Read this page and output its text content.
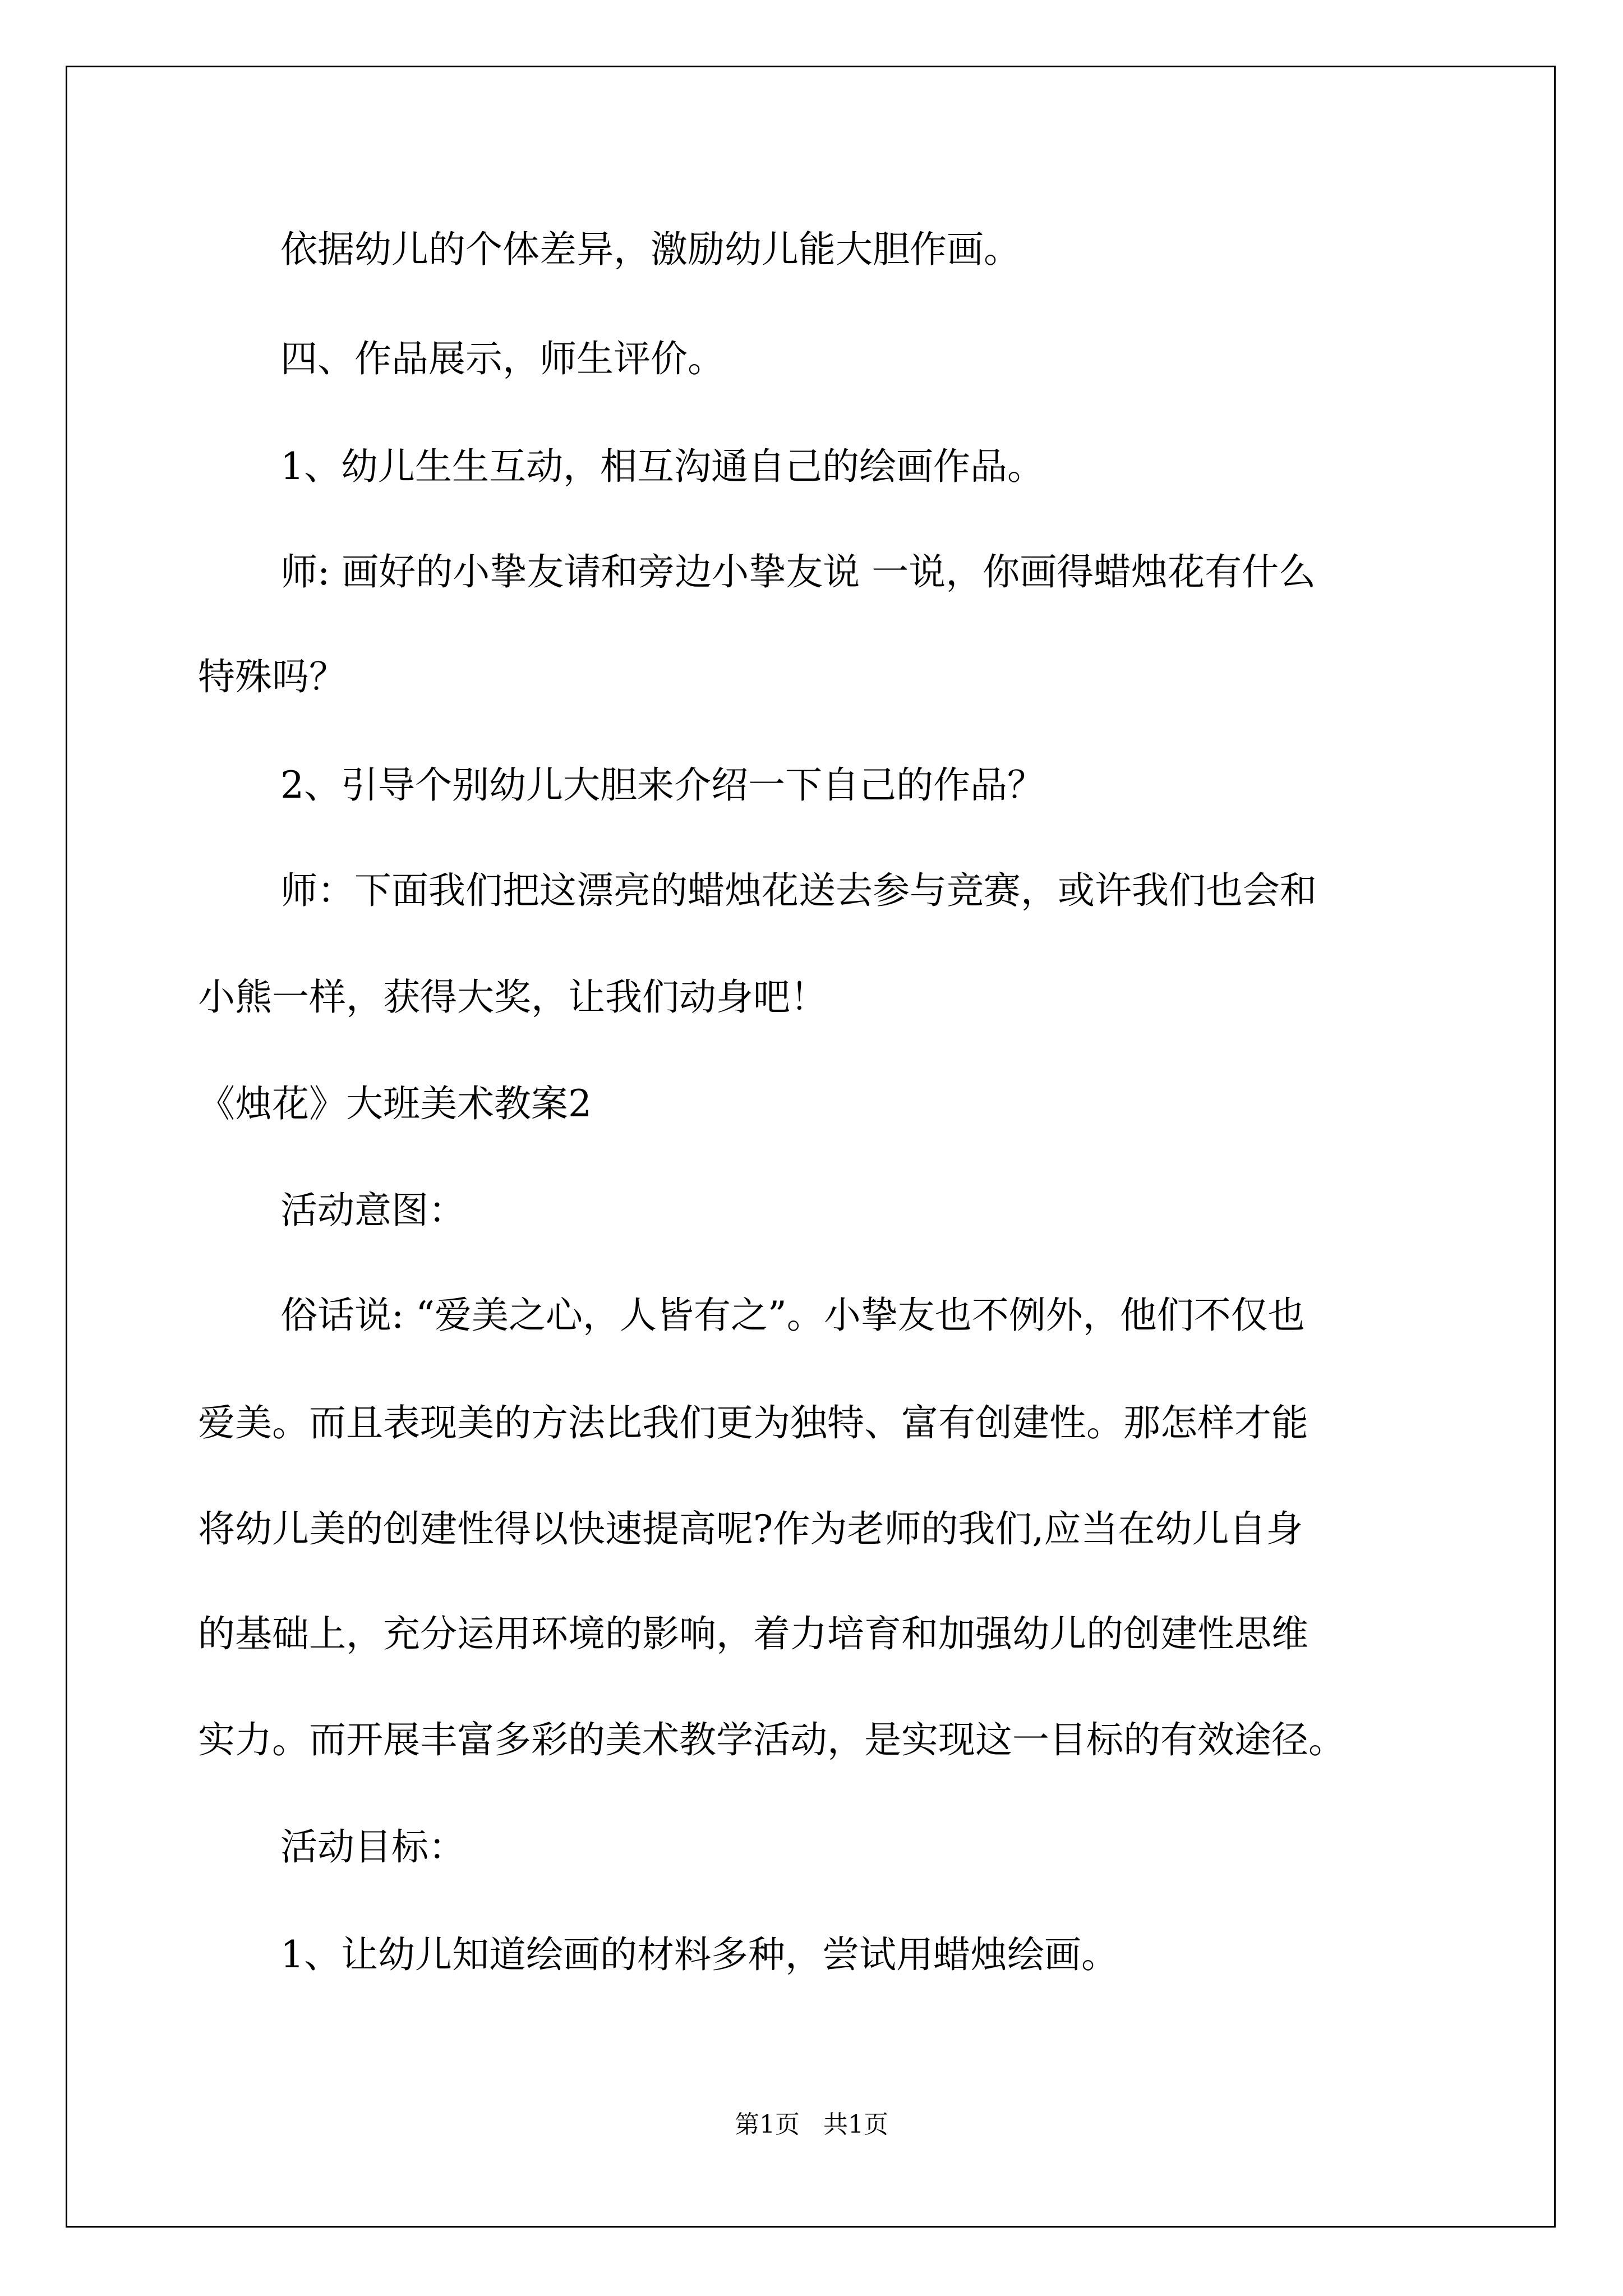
依据幼儿的个体差异，激励幼儿能大胆作画。
四、作品展示，师生评价。
1、幼儿生生互动，相互沟通自己的绘画作品。
师: 画好的小挚友请和旁边小挚友说 一说，你画得蜡烛花有什么
特殊吗？
2、引导个别幼儿大胆来介绍一下自己的作品？
师：下面我们把这漂亮的蜡烛花送去参与竞赛，或许我们也会和
小熊一样，获得大奖，让我们动身吧！
《烛花》大班美术教案2
活动意图：
俗话说: “爱美之心，人皆有之”。小挚友也不例外，他们不仅也
爱美。而且表现美的方法比我们更为独特、富有创建性。那怎样才能
将幼儿美的创建性得以快速提高呢?作为老师的我们,应当在幼儿自身
的基础上，充分运用环境的影响，着力培育和加强幼儿的创建性思维
实力。而开展丰富多彩的美术教学活动，是实现这一目标的有效途径。
活动目标：
1、让幼儿知道绘画的材料多种，尝试用蜡烛绘画。
第1页   共1页
